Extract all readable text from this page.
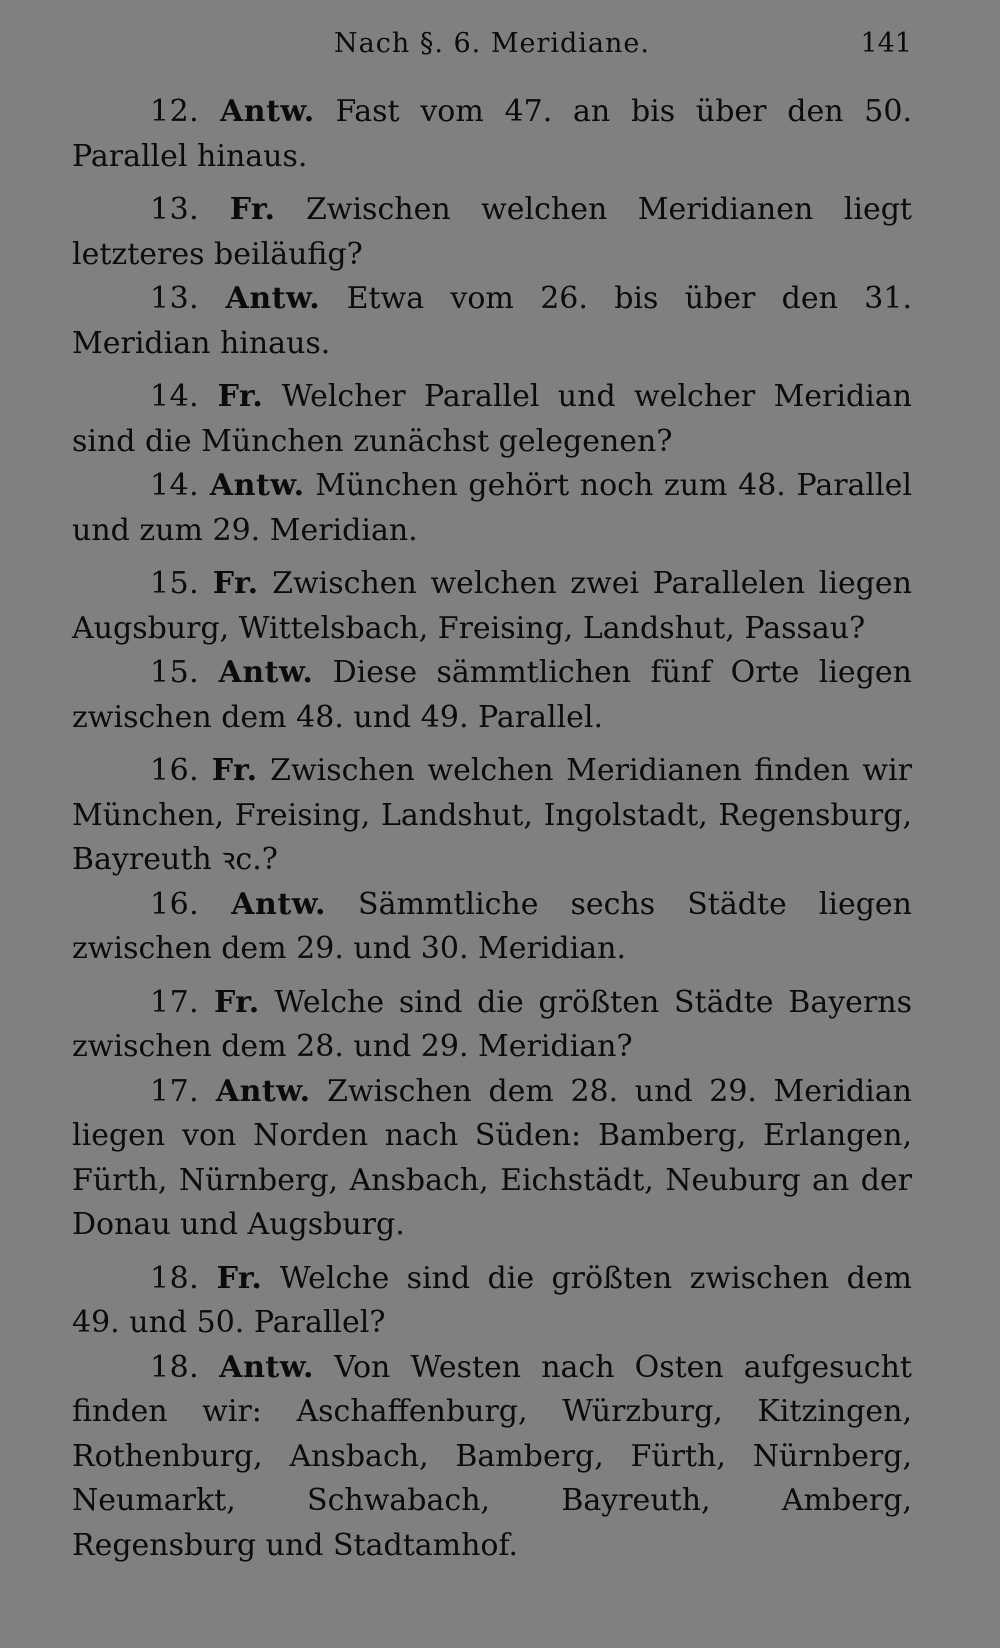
Nach §. 6. Meridiane.	141

12. Antw. Fast vom 47. an bis über den 50. Parallel hinaus.

13. Fr. Zwischen welchen Meridianen liegt letzteres beiläufig?

13. Antw. Etwa vom 26. bis über den 31. Meridian hinaus.

14. Fr. Welcher Parallel und welcher Meridian sind die München zunächst gelegenen?

14. Antw. München gehört noch zum 48. Parallel und zum 29. Meridian.

15. Fr. Zwischen welchen zwei Parallelen liegen Augsburg, Wittelsbach, Freising, Landshut, Passau?

15. Antw. Diese sämmtlichen fünf Orte liegen zwischen dem 48. und 49. Parallel.

16. Fr. Zwischen welchen Meridianen finden wir München, Freising, Landshut, Ingolstadt, Regensburg, Bayreuth ꝛc.?

16. Antw. Sämmtliche sechs Städte liegen zwischen dem 29. und 30. Meridian.

17. Fr. Welche sind die größten Städte Bayerns zwischen dem 28. und 29. Meridian?

17. Antw. Zwischen dem 28. und 29. Meridian liegen von Norden nach Süden: Bamberg, Erlangen, Fürth, Nürnberg, Ansbach, Eichstädt, Neuburg an der Donau und Augsburg.

18. Fr. Welche sind die größten zwischen dem 49. und 50. Parallel?

18. Antw. Von Westen nach Osten aufgesucht finden wir: Aschaffenburg, Würzburg, Kitzingen, Rothenburg, Ansbach, Bamberg, Fürth, Nürnberg, Neumarkt, Schwabach, Bayreuth, Amberg, Regensburg und Stadtamhof.
